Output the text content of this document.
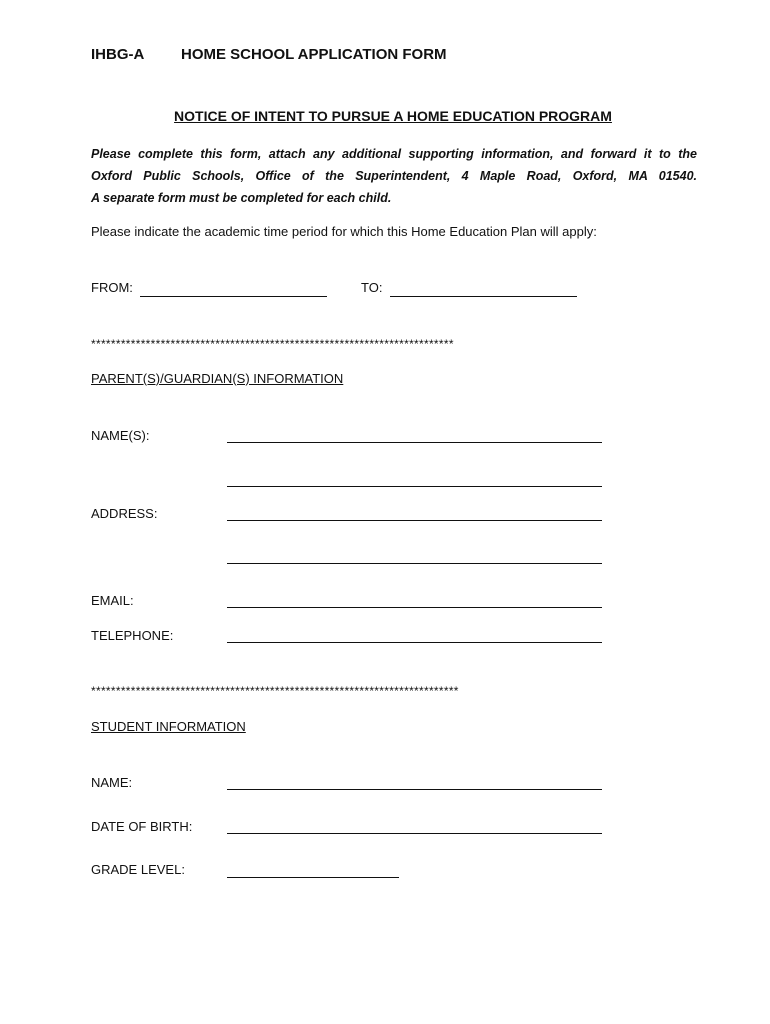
IHBG-A HOME SCHOOL APPLICATION FORM
NOTICE OF INTENT TO PURSUE A HOME EDUCATION PROGRAM
Please complete this form, attach any additional supporting information, and forward it to the
Oxford Public Schools, Office of the Superintendent, 4 Maple Road, Oxford, MA 01540.
A separate form must be completed for each child.
Please indicate the academic time period for which this Home Education Plan will apply:
FROM:	TO:
*************************************************************************
PARENT(S)/GUARDIAN(S) INFORMATION
NAME(S):
ADDRESS:
EMAIL:
TELEPHONE:
**************************************************************************
STUDENT INFORMATION
NAME:
DATE OF BIRTH:
GRADE LEVEL:
